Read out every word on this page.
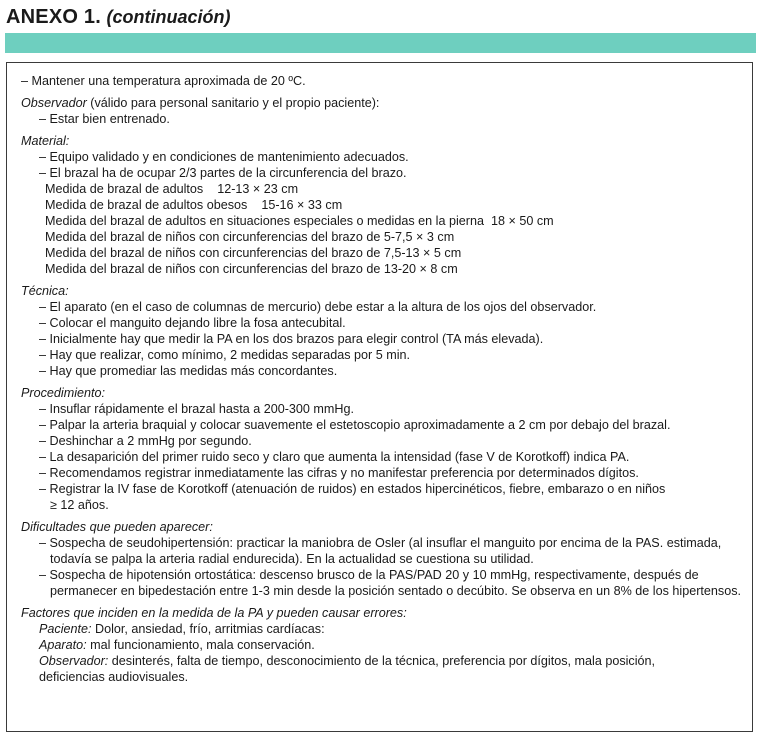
ANEXO 1. (continuación)

– Mantener una temperatura aproximada de 20 ºC.

Observador (válido para personal sanitario y el propio paciente):

– Estar bien entrenado.

Material:

– Equipo validado y en condiciones de mantenimiento adecuados.

– El brazal ha de ocupar 2/3 partes de la circunferencia del brazo.

Medida de brazal de adultos    12-13 × 23 cm

Medida de brazal de adultos obesos    15-16 × 33 cm

Medida del brazal de adultos en situaciones especiales o medidas en la pierna  18 × 50 cm

Medida del brazal de niños con circunferencias del brazo de 5-7,5 × 3 cm

Medida del brazal de niños con circunferencias del brazo de 7,5-13 × 5 cm

Medida del brazal de niños con circunferencias del brazo de 13-20 × 8 cm

Técnica:

– El aparato (en el caso de columnas de mercurio) debe estar a la altura de los ojos del observador.

– Colocar el manguito dejando libre la fosa antecubital.

– Inicialmente hay que medir la PA en los dos brazos para elegir control (TA más elevada).

– Hay que realizar, como mínimo, 2 medidas separadas por 5 min.

– Hay que promediar las medidas más concordantes.

Procedimiento:

– Insuflar rápidamente el brazal hasta a 200-300 mmHg.

– Palpar la arteria braquial y colocar suavemente el estetoscopio aproximadamente a 2 cm por debajo del brazal.

– Deshinchar a 2 mmHg por segundo.

– La desaparición del primer ruido seco y claro que aumenta la intensidad (fase V de Korotkoff) indica PA.

– Recomendamos registrar inmediatamente las cifras y no manifestar preferencia por determinados dígitos.

– Registrar la IV fase de Korotkoff (atenuación de ruidos) en estados hipercinéticos, fiebre, embarazo o en niños

≥ 12 años.

Dificultades que pueden aparecer:

– Sospecha de seudohipertensión: practicar la maniobra de Osler (al insuflar el manguito por encima de la PAS. estimada, todavía se palpa la arteria radial endurecida). En la actualidad se cuestiona su utilidad.

– Sospecha de hipotensión ortostática: descenso brusco de la PAS/PAD 20 y 10 mmHg, respectivamente, después de permanecer en bipedestación entre 1-3 min desde la posición sentado o decúbito. Se observa en un 8% de los hipertensos.

Factores que inciden en la medida de la PA y pueden causar errores:

Paciente: Dolor, ansiedad, frío, arritmias cardíacas:

Aparato: mal funcionamiento, mala conservación.

Observador: desinterés, falta de tiempo, desconocimiento de la técnica, preferencia por dígitos, mala posición,

deficiencias audiovisuales.
